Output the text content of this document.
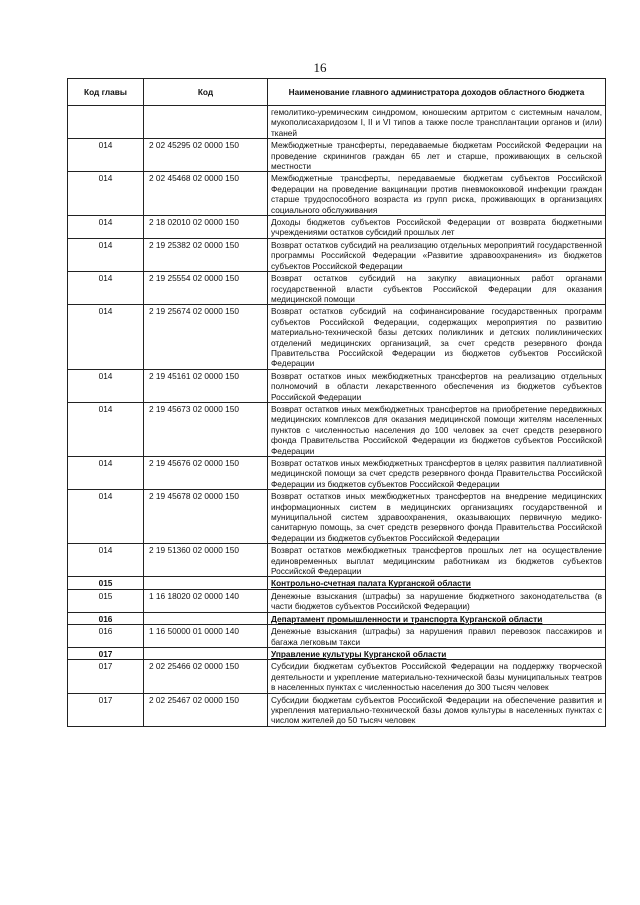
16
Код главы	Код	Наименование главного администратора доходов областного бюджета
		гемолитико-уремическим синдромом, юношеским артритом с системным началом, мукополисахаридозом I, II и VI типов а также после трансплантации органов и (или) тканей
014	2 02 45295 02 0000 150	Межбюджетные трансферты, передаваемые бюджетам Российской Федерации на проведение скринингов граждан 65 лет и старше, проживающих в сельской местности
014	2 02 45468 02 0000 150	Межбюджетные трансферты, передаваемые бюджетам субъектов Российской Федерации на проведение вакцинации против пневмококковой инфекции граждан старше трудоспособного возраста из групп риска, проживающих в организациях социального обслуживания
014	2 18 02010 02 0000 150	Доходы бюджетов субъектов Российской Федерации от возврата бюджетными учреждениями остатков субсидий прошлых лет
014	2 19 25382 02 0000 150	Возврат остатков субсидий на реализацию отдельных мероприятий государственной программы Российской Федерации «Развитие здравоохранения» из бюджетов субъектов Российской Федерации
014	2 19 25554 02 0000 150	Возврат остатков субсидий на закупку авиационных работ органами государственной власти субъектов Российской Федерации для оказания медицинской помощи
014	2 19 25674 02 0000 150	Возврат остатков субсидий на софинансирование государственных программ субъектов Российской Федерации, содержащих мероприятия по развитию материально-технической базы детских поликлиник и детских поликлинических отделений медицинских организаций, за счет средств резервного фонда Правительства Российской Федерации из бюджетов субъектов Российской Федерации
014	2 19 45161 02 0000 150	Возврат остатков иных межбюджетных трансфертов на реализацию отдельных полномочий в области лекарственного обеспечения из бюджетов субъектов Российской Федерации
014	2 19 45673 02 0000 150	Возврат остатков иных межбюджетных трансфертов на приобретение передвижных медицинских комплексов для оказания медицинской помощи жителям населенных пунктов с численностью населения до 100 человек за счет средств резервного фонда Правительства Российской Федерации из бюджетов субъектов Российской Федерации
014	2 19 45676 02 0000 150	Возврат остатков иных межбюджетных трансфертов в целях развития паллиативной медицинской помощи за счет средств резервного фонда Правительства Российской Федерации из бюджетов субъектов Российской Федерации
014	2 19 45678 02 0000 150	Возврат остатков иных межбюджетных трансфертов на внедрение медицинских информационных систем в медицинских организациях государственной и муниципальной систем здравоохранения, оказывающих первичную медико-санитарную помощь, за счет средств резервного фонда Правительства Российской Федерации из бюджетов субъектов Российской Федерации
014	2 19 51360 02 0000 150	Возврат остатков межбюджетных трансфертов прошлых лет на осуществление единовременных выплат медицинским работникам из бюджетов субъектов Российской Федерации
015		Контрольно-счетная палата Курганской области
015	1 16 18020 02 0000 140	Денежные взыскания (штрафы) за нарушение бюджетного законодательства (в части бюджетов субъектов Российской Федерации)
016		Департамент промышленности и транспорта Курганской области
016	1 16 50000 01 0000 140	Денежные взыскания (штрафы) за нарушения правил перевозок пассажиров и багажа легковым такси
017		Управление культуры Курганской области
017	2 02 25466 02 0000 150	Субсидии бюджетам субъектов Российской Федерации на поддержку творческой деятельности и укрепление материально-технической базы муниципальных театров в населенных пунктах с численностью населения до 300 тысяч человек
017	2 02 25467 02 0000 150	Субсидии бюджетам субъектов Российской Федерации на обеспечение развития и укрепления материально-технической базы домов культуры в населенных пунктах с числом жителей до 50 тысяч человек
